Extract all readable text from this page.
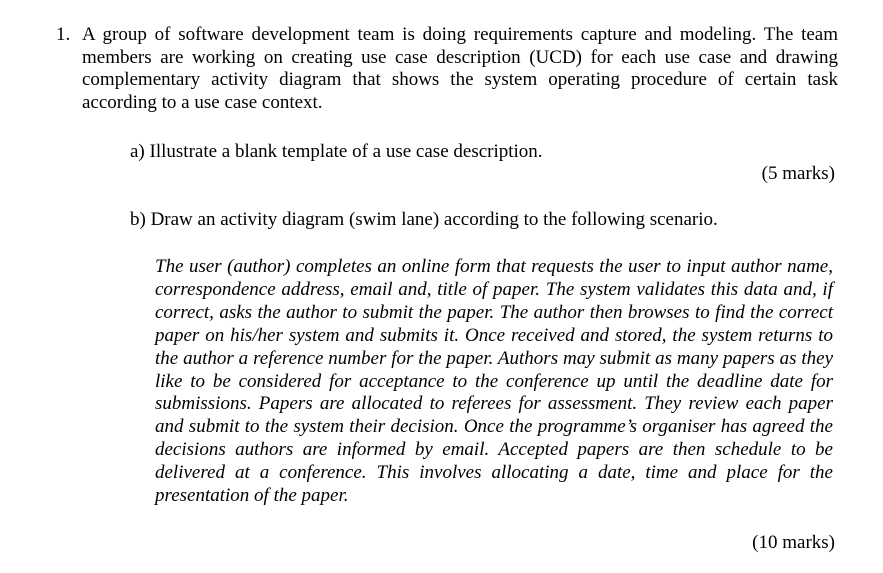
1. A group of software development team is doing requirements capture and modeling. The team members are working on creating use case description (UCD) for each use case and drawing complementary activity diagram that shows the system operating procedure of certain task according to a use case context.
a) Illustrate a blank template of a use case description.
(5 marks)
b) Draw an activity diagram (swim lane) according to the following scenario.
The user (author) completes an online form that requests the user to input author name, correspondence address, email and, title of paper. The system validates this data and, if correct, asks the author to submit the paper. The author then browses to find the correct paper on his/her system and submits it. Once received and stored, the system returns to the author a reference number for the paper. Authors may submit as many papers as they like to be considered for acceptance to the conference up until the deadline date for submissions. Papers are allocated to referees for assessment. They review each paper and submit to the system their decision. Once the programme’s organiser has agreed the decisions authors are informed by email. Accepted papers are then schedule to be delivered at a conference. This involves allocating a date, time and place for the presentation of the paper.
(10 marks)
